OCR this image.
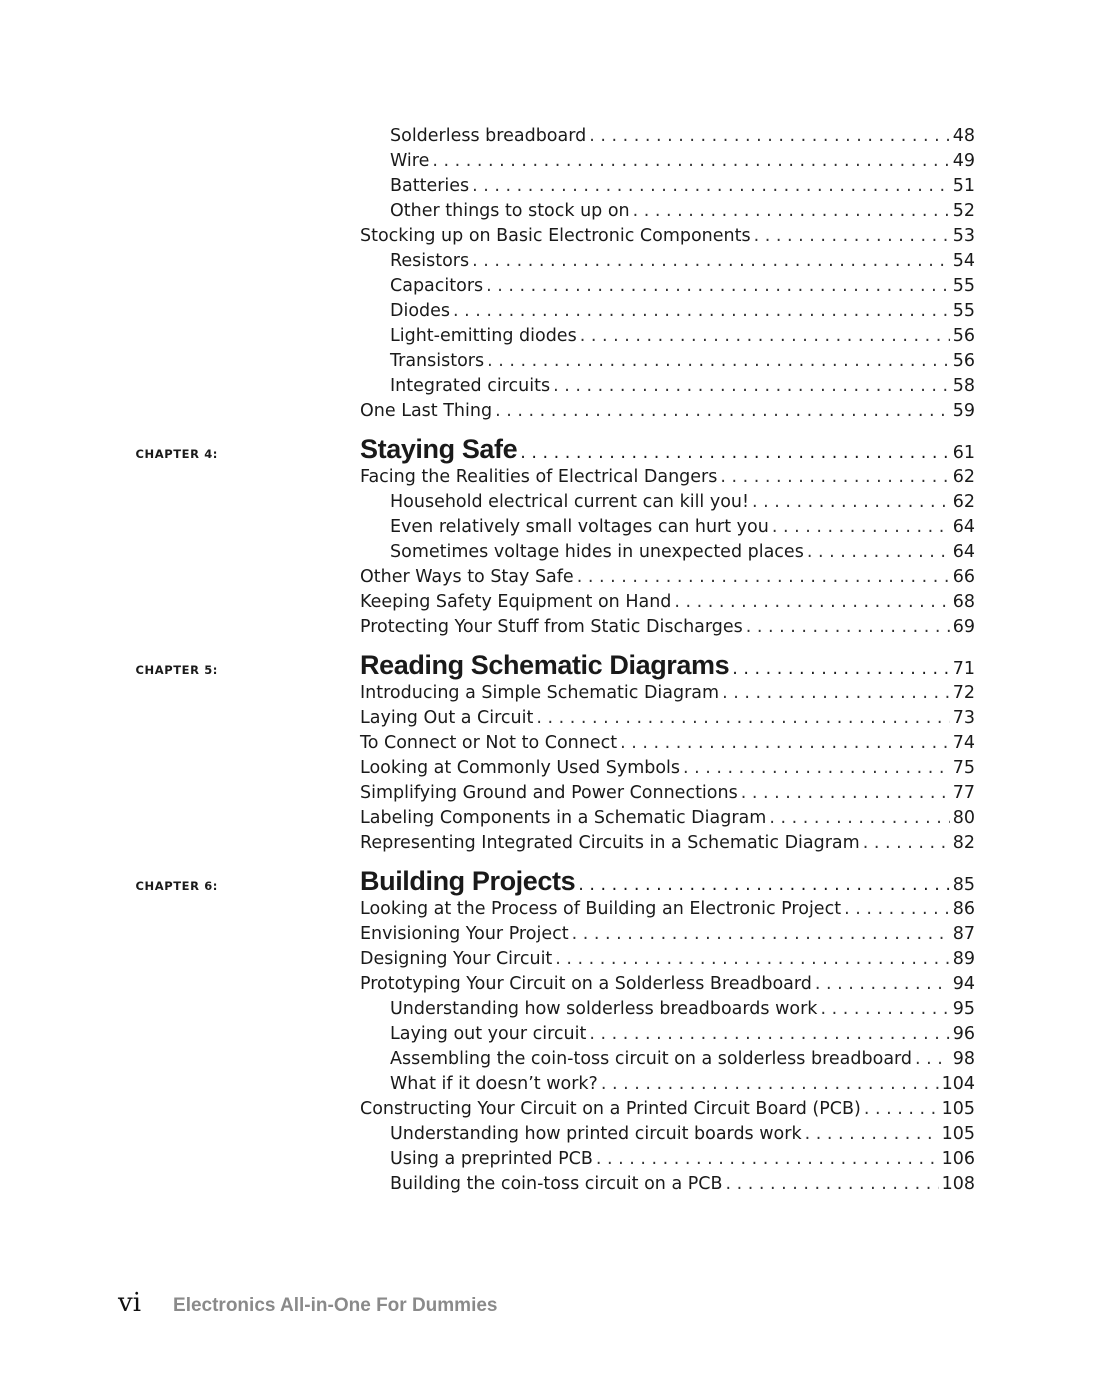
Solderless breadboard . . .	48
Wire . . .	49
Batteries . . .	51
Other things to stock up on . . .	52
Stocking up on Basic Electronic Components . . .	53
Resistors . . .	54
Capacitors . . .	55
Diodes . . .	55
Light-emitting diodes . . .	56
Transistors . . .	56
Integrated circuits . . .	58
One Last Thing . . .	59
CHAPTER 4:	Staying Safe . . .	61
Facing the Realities of Electrical Dangers . . .	62
Household electrical current can kill you! . . .	62
Even relatively small voltages can hurt you . . .	64
Sometimes voltage hides in unexpected places . . .	64
Other Ways to Stay Safe . . .	66
Keeping Safety Equipment on Hand . . .	68
Protecting Your Stuff from Static Discharges . . .	69
CHAPTER 5:	Reading Schematic Diagrams . . .	71
Introducing a Simple Schematic Diagram . . .	72
Laying Out a Circuit . . .	73
To Connect or Not to Connect . . .	74
Looking at Commonly Used Symbols . . .	75
Simplifying Ground and Power Connections . . .	77
Labeling Components in a Schematic Diagram . . .	80
Representing Integrated Circuits in a Schematic Diagram . . .	82
CHAPTER 6:	Building Projects . . .	85
Looking at the Process of Building an Electronic Project . . .	86
Envisioning Your Project . . .	87
Designing Your Circuit . . .	89
Prototyping Your Circuit on a Solderless Breadboard . . .	94
Understanding how solderless breadboards work . . .	95
Laying out your circuit . . .	96
Assembling the coin-toss circuit on a solderless breadboard . . . 98
What if it doesn’t work? . . .	104
Constructing Your Circuit on a Printed Circuit Board (PCB) . . .	105
Understanding how printed circuit boards work . . .	105
Using a preprinted PCB . . .	106
Building the coin-toss circuit on a PCB . . .	108
vi Electronics All-in-One For Dummies
